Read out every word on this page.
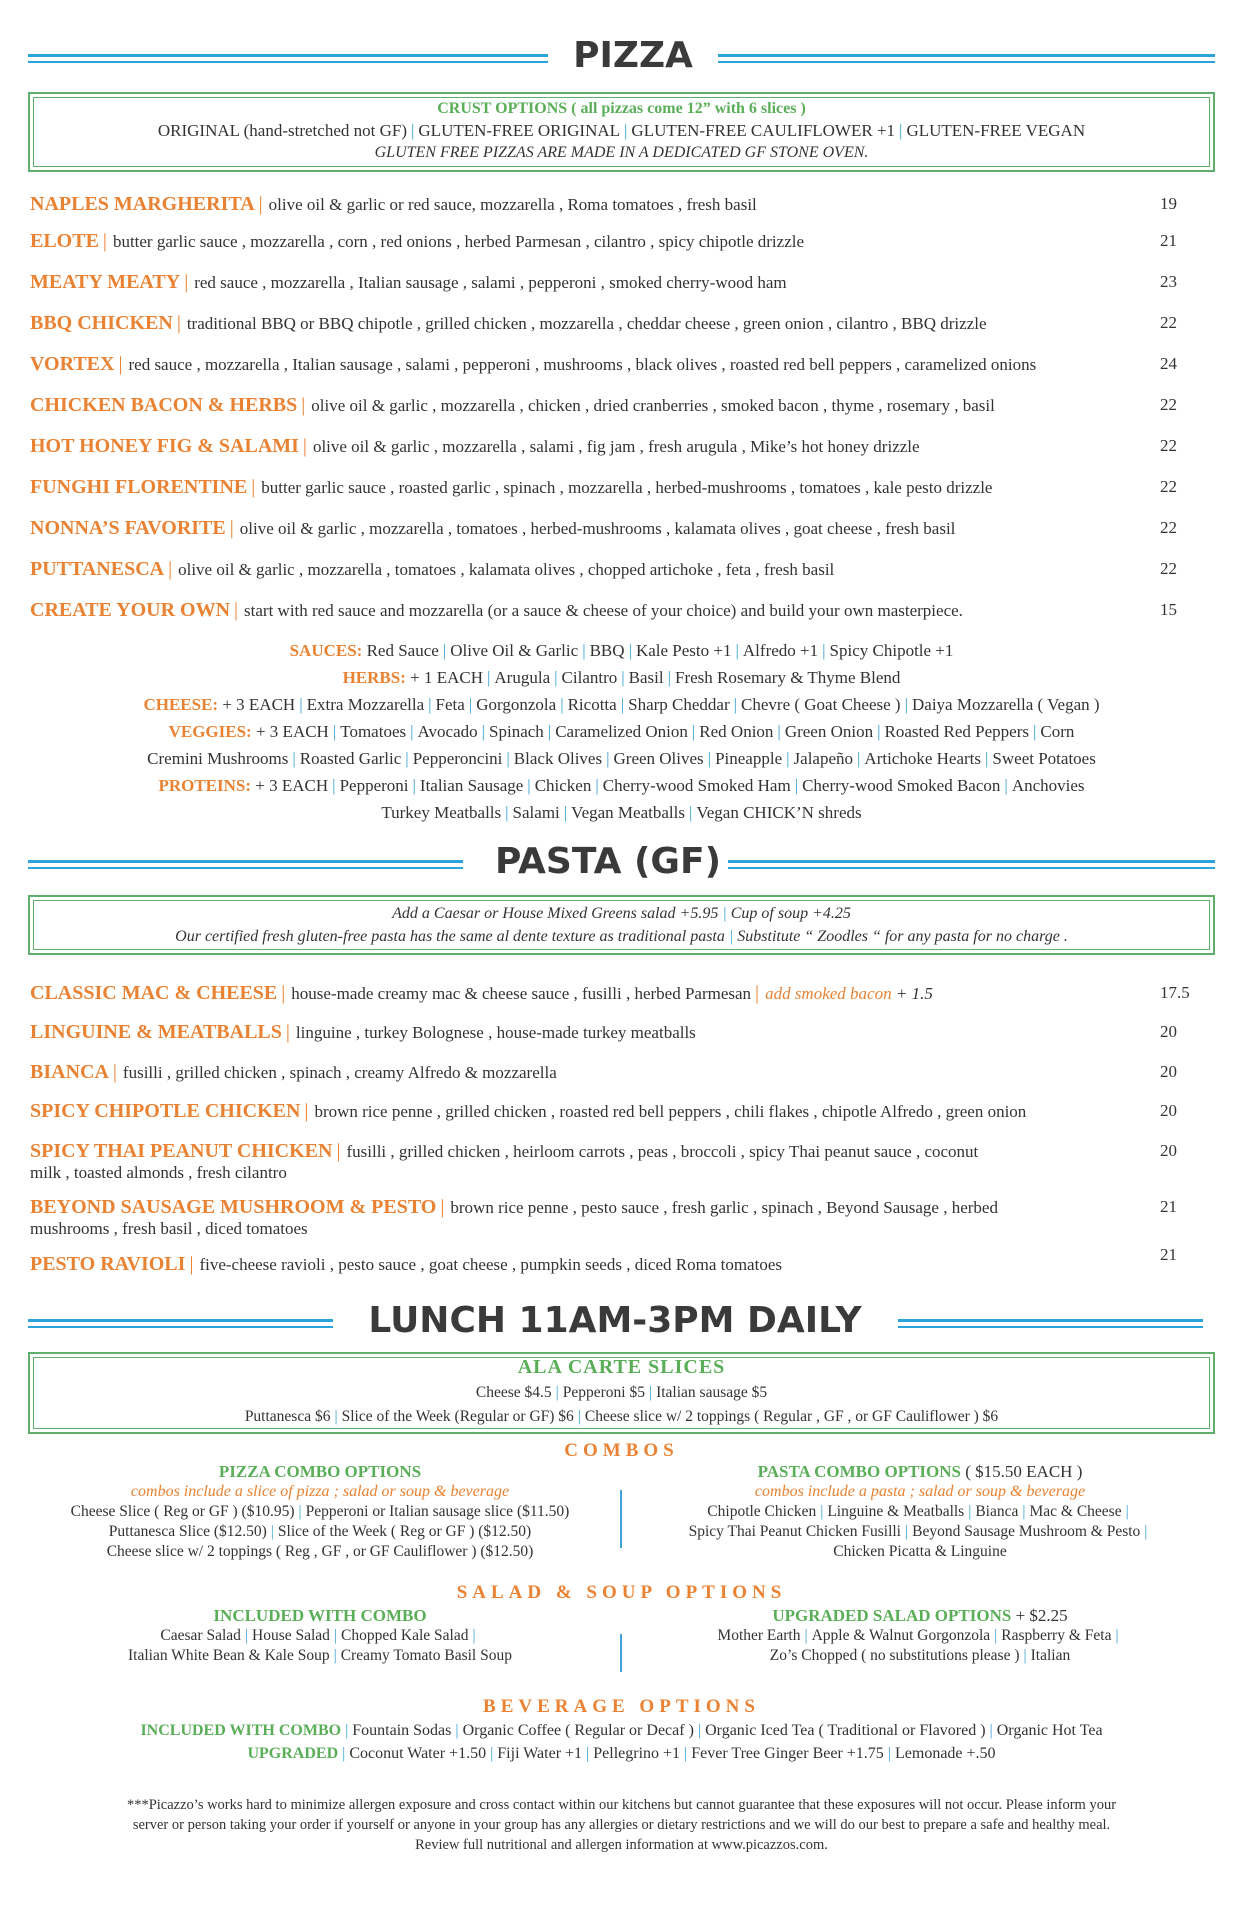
PIZZA
CRUST OPTIONS ( all pizzas come 12” with 6 slices )
ORIGINAL (hand-stretched not GF) | GLUTEN-FREE ORIGINAL | GLUTEN-FREE CAULIFLOWER +1 | GLUTEN-FREE VEGAN
GLUTEN FREE PIZZAS ARE MADE IN A DEDICATED GF STONE OVEN.
NAPLES MARGHERITA | olive oil & garlic or red sauce, mozzarella , Roma tomatoes , fresh basil	19
ELOTE | butter garlic sauce , mozzarella , corn , red onions , herbed Parmesan , cilantro , spicy chipotle drizzle	21
MEATY MEATY | red sauce , mozzarella , Italian sausage , salami , pepperoni , smoked cherry-wood ham	23
BBQ CHICKEN | traditional BBQ or BBQ chipotle , grilled chicken , mozzarella , cheddar cheese , green onion , cilantro , BBQ drizzle	22
VORTEX | red sauce , mozzarella , Italian sausage , salami , pepperoni , mushrooms , black olives , roasted red bell peppers , caramelized onions	24
CHICKEN BACON & HERBS | olive oil & garlic , mozzarella , chicken , dried cranberries , smoked bacon , thyme , rosemary , basil	22
HOT HONEY FIG & SALAMI | olive oil & garlic , mozzarella , salami , fig jam , fresh arugula , Mike’s hot honey drizzle	22
FUNGHI FLORENTINE | butter garlic sauce , roasted garlic , spinach , mozzarella , herbed-mushrooms , tomatoes , kale pesto drizzle	22
NONNA’S FAVORITE | olive oil & garlic , mozzarella , tomatoes , herbed-mushrooms , kalamata olives , goat cheese , fresh basil	22
PUTTANESCA | olive oil & garlic , mozzarella , tomatoes , kalamata olives , chopped artichoke , feta , fresh basil	22
CREATE YOUR OWN | start with red sauce and mozzarella (or a sauce & cheese of your choice) and build your own masterpiece.	15
SAUCES: Red Sauce | Olive Oil & Garlic | BBQ | Kale Pesto +1 | Alfredo +1 | Spicy Chipotle +1
HERBS: + 1 EACH | Arugula | Cilantro | Basil | Fresh Rosemary & Thyme Blend
CHEESE: + 3 EACH | Extra Mozzarella | Feta | Gorgonzola | Ricotta | Sharp Cheddar | Chevre ( Goat Cheese ) | Daiya Mozzarella ( Vegan )
VEGGIES: + 3 EACH | Tomatoes | Avocado | Spinach | Caramelized Onion | Red Onion | Green Onion | Roasted Red Peppers | Corn
Cremini Mushrooms | Roasted Garlic | Pepperoncini | Black Olives | Green Olives | Pineapple | Jalapeño | Artichoke Hearts | Sweet Potatoes
PROTEINS: + 3 EACH | Pepperoni | Italian Sausage | Chicken | Cherry-wood Smoked Ham | Cherry-wood Smoked Bacon | Anchovies
Turkey Meatballs | Salami | Vegan Meatballs | Vegan CHICK’N shreds
PASTA (GF)
Add a Caesar or House Mixed Greens salad +5.95 | Cup of soup +4.25
Our certified fresh gluten-free pasta has the same al dente texture as traditional pasta | Substitute “ Zoodles “ for any pasta for no charge .
CLASSIC MAC & CHEESE | house-made creamy mac & cheese sauce , fusilli , herbed Parmesan | add smoked bacon + 1.5	17.5
LINGUINE & MEATBALLS | linguine , turkey Bolognese , house-made turkey meatballs	20
BIANCA | fusilli , grilled chicken , spinach , creamy Alfredo & mozzarella	20
SPICY CHIPOTLE CHICKEN | brown rice penne , grilled chicken , roasted red bell peppers , chili flakes , chipotle Alfredo , green onion	20
SPICY THAI PEANUT CHICKEN | fusilli , grilled chicken , heirloom carrots , peas , broccoli , spicy Thai peanut sauce , coconut
milk , toasted almonds , fresh cilantro
20
BEYOND SAUSAGE MUSHROOM & PESTO | brown rice penne , pesto sauce , fresh garlic , spinach , Beyond Sausage , herbed
mushrooms , fresh basil , diced tomatoes
21
PESTO RAVIOLI | five-cheese ravioli , pesto sauce , goat cheese , pumpkin seeds , diced Roma tomatoes
21
LUNCH 11AM-3PM DAILY
ALA CARTE SLICES
Cheese $4.5 | Pepperoni $5 | Italian sausage $5
Puttanesca $6 | Slice of the Week (Regular or GF) $6 | Cheese slice w/ 2 toppings ( Regular , GF , or GF Cauliflower ) $6
COMBOS
PIZZA COMBO OPTIONS
combos include a slice of pizza ; salad or soup & beverage
Cheese Slice ( Reg or GF ) ($10.95) | Pepperoni or Italian sausage slice ($11.50)
Puttanesca Slice ($12.50) | Slice of the Week ( Reg or GF ) ($12.50)
Cheese slice w/ 2 toppings ( Reg , GF , or GF Cauliflower ) ($12.50)
PASTA COMBO OPTIONS ( $15.50 EACH )
combos include a pasta ; salad or soup & beverage
Chipotle Chicken | Linguine & Meatballs | Bianca | Mac & Cheese |
Spicy Thai Peanut Chicken Fusilli | Beyond Sausage Mushroom & Pesto |
Chicken Picatta & Linguine
SALAD & SOUP OPTIONS
INCLUDED WITH COMBO
Caesar Salad | House Salad | Chopped Kale Salad |
Italian White Bean & Kale Soup | Creamy Tomato Basil Soup
UPGRADED SALAD OPTIONS + $2.25
Mother Earth | Apple & Walnut Gorgonzola | Raspberry & Feta |
Zo’s Chopped ( no substitutions please ) | Italian
BEVERAGE OPTIONS
INCLUDED WITH COMBO | Fountain Sodas | Organic Coffee ( Regular or Decaf ) | Organic Iced Tea ( Traditional or Flavored ) | Organic Hot Tea
UPGRADED | Coconut Water +1.50 | Fiji Water +1 | Pellegrino +1 | Fever Tree Ginger Beer +1.75 | Lemonade +.50
***Picazzo’s works hard to minimize allergen exposure and cross contact within our kitchens but cannot guarantee that these exposures will not occur. Please inform your
server or person taking your order if yourself or anyone in your group has any allergies or dietary restrictions and we will do our best to prepare a safe and healthy meal.
Review full nutritional and allergen information at www.picazzos.com.
